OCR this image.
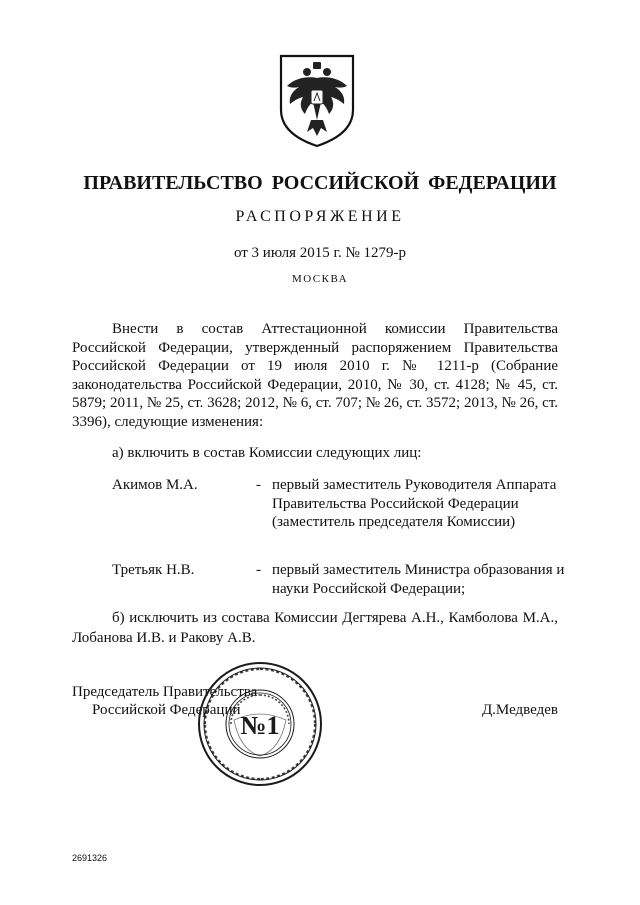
ПРАВИТЕЛЬСТВО РОССИЙСКОЙ ФЕДЕРАЦИИ
РАСПОРЯЖЕНИЕ
от 3 июля 2015 г. № 1279-р
МОСКВА

Внести в состав Аттестационной комиссии Правительства Российской Федерации, утвержденный распоряжением Правительства Российской Федерации от 19 июля 2010 г. № 1211-р (Собрание законодательства Российской Федерации, 2010, № 30, ст. 4128; № 45, ст. 5879; 2011, № 25, ст. 3628; 2012, № 6, ст. 707; № 26, ст. 3572; 2013, № 26, ст. 3396), следующие изменения:

а) включить в состав Комиссии следующих лиц:

Акимов М.А.	- первый заместитель Руководителя Аппарата Правительства Российской Федерации (заместитель председателя Комиссии)
Третьяк Н.В.	- первый заместитель Министра образования и науки Российской Федерации;

б) исключить из состава Комиссии Дегтярева А.Н., Камболова М.А., Лобанова И.В. и Ракову А.В.

Председатель Правительства
Российской Федерации	Д.Медведев
№1
2691326
